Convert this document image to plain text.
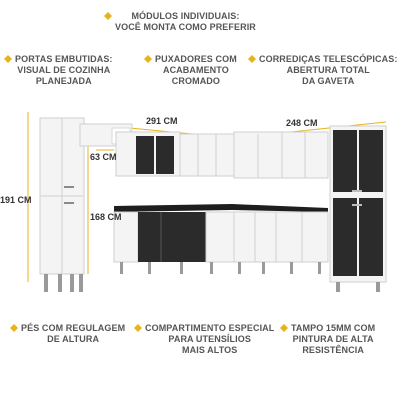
MÓDULOS INDIVIDUAIS:
VOCÊ MONTA COMO PREFERIR
PORTAS EMBUTIDAS:
VISUAL DE COZINHA
PLANEJADA
PUXADORES COM
ACABAMENTO
CROMADO
CORREDIÇAS TELESCÓPICAS:
ABERTURA TOTAL
DA GAVETA
PÉS COM REGULAGEM
DE ALTURA
COMPARTIMENTO ESPECIAL
PARA UTENSÍLIOS
MAIS ALTOS
TAMPO 15MM COM
PINTURA DE ALTA
RESISTÊNCIA
291 CM	248 CM
191 CM
168 CM
63 CM
